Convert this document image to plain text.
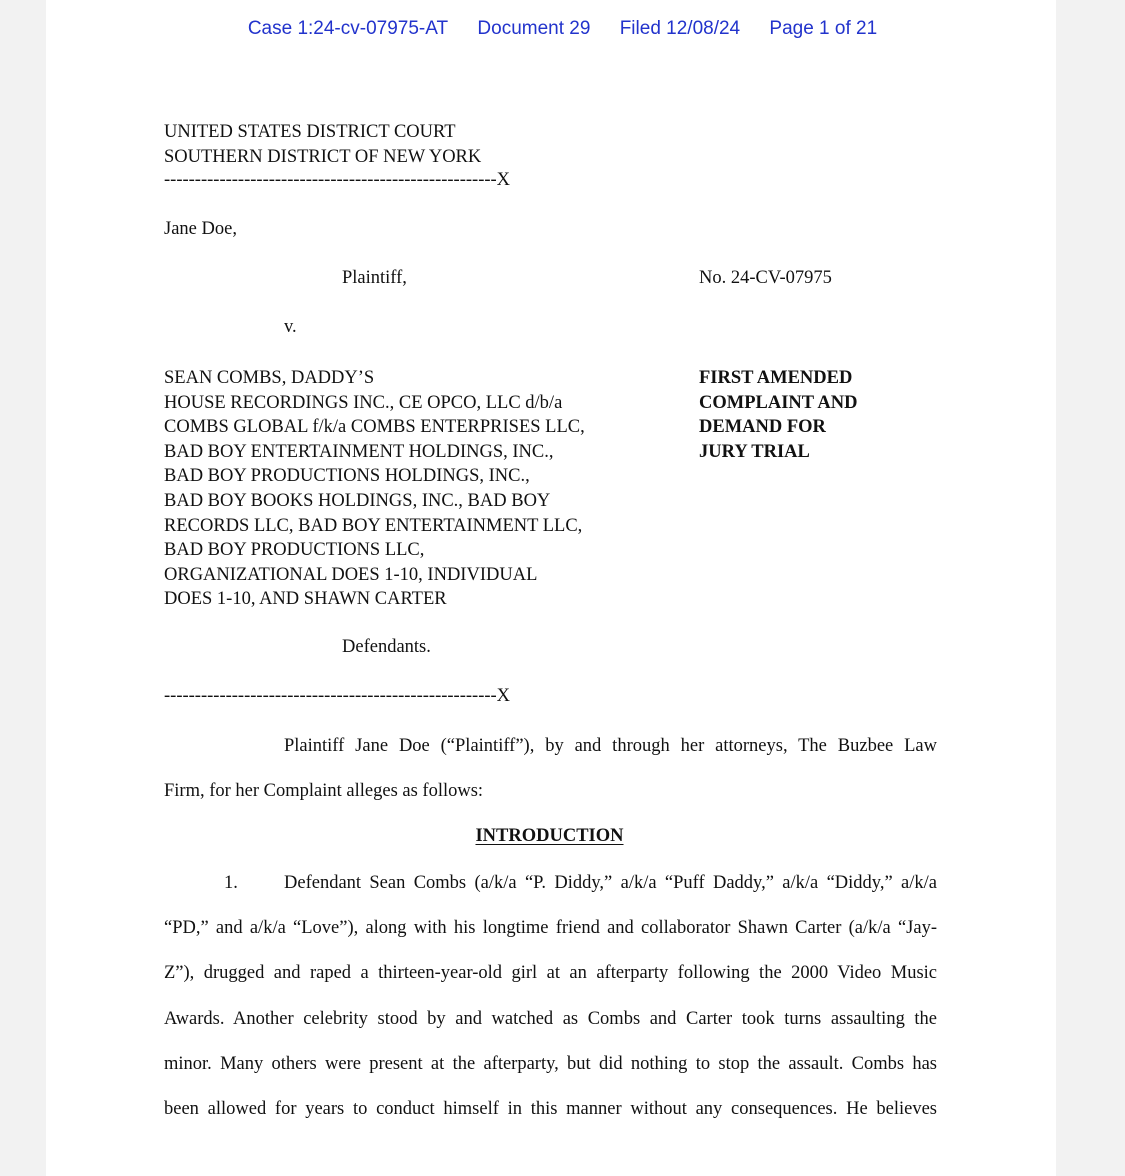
Case 1:24-cv-07975-AT Document 29 Filed 12/08/24 Page 1 of 21
UNITED STATES DISTRICT COURT
SOUTHERN DISTRICT OF NEW YORK
------------------------------------------------------X
Jane Doe,
Plaintiff,	No. 24-CV-07975
v.
SEAN COMBS, DADDY’S
HOUSE RECORDINGS INC., CE OPCO, LLC d/b/a
COMBS GLOBAL f/k/a COMBS ENTERPRISES LLC,
BAD BOY ENTERTAINMENT HOLDINGS, INC.,
BAD BOY PRODUCTIONS HOLDINGS, INC.,
BAD BOY BOOKS HOLDINGS, INC., BAD BOY
RECORDS LLC, BAD BOY ENTERTAINMENT LLC,
BAD BOY PRODUCTIONS LLC,
ORGANIZATIONAL DOES 1-10, INDIVIDUAL
DOES 1-10, AND SHAWN CARTER
FIRST AMENDED
COMPLAINT AND
DEMAND FOR
JURY TRIAL
Defendants.
------------------------------------------------------X
Plaintiff Jane Doe (“Plaintiff”), by and through her attorneys, The Buzbee Law
Firm, for her Complaint alleges as follows:
INTRODUCTION
1. Defendant Sean Combs (a/k/a “P. Diddy,” a/k/a “Puff Daddy,” a/k/a “Diddy,” a/k/a
“PD,” and a/k/a “Love”), along with his longtime friend and collaborator Shawn Carter (a/k/a “Jay-
Z”), drugged and raped a thirteen-year-old girl at an afterparty following the 2000 Video Music
Awards. Another celebrity stood by and watched as Combs and Carter took turns assaulting the
minor. Many others were present at the afterparty, but did nothing to stop the assault. Combs has
been allowed for years to conduct himself in this manner without any consequences. He believes
